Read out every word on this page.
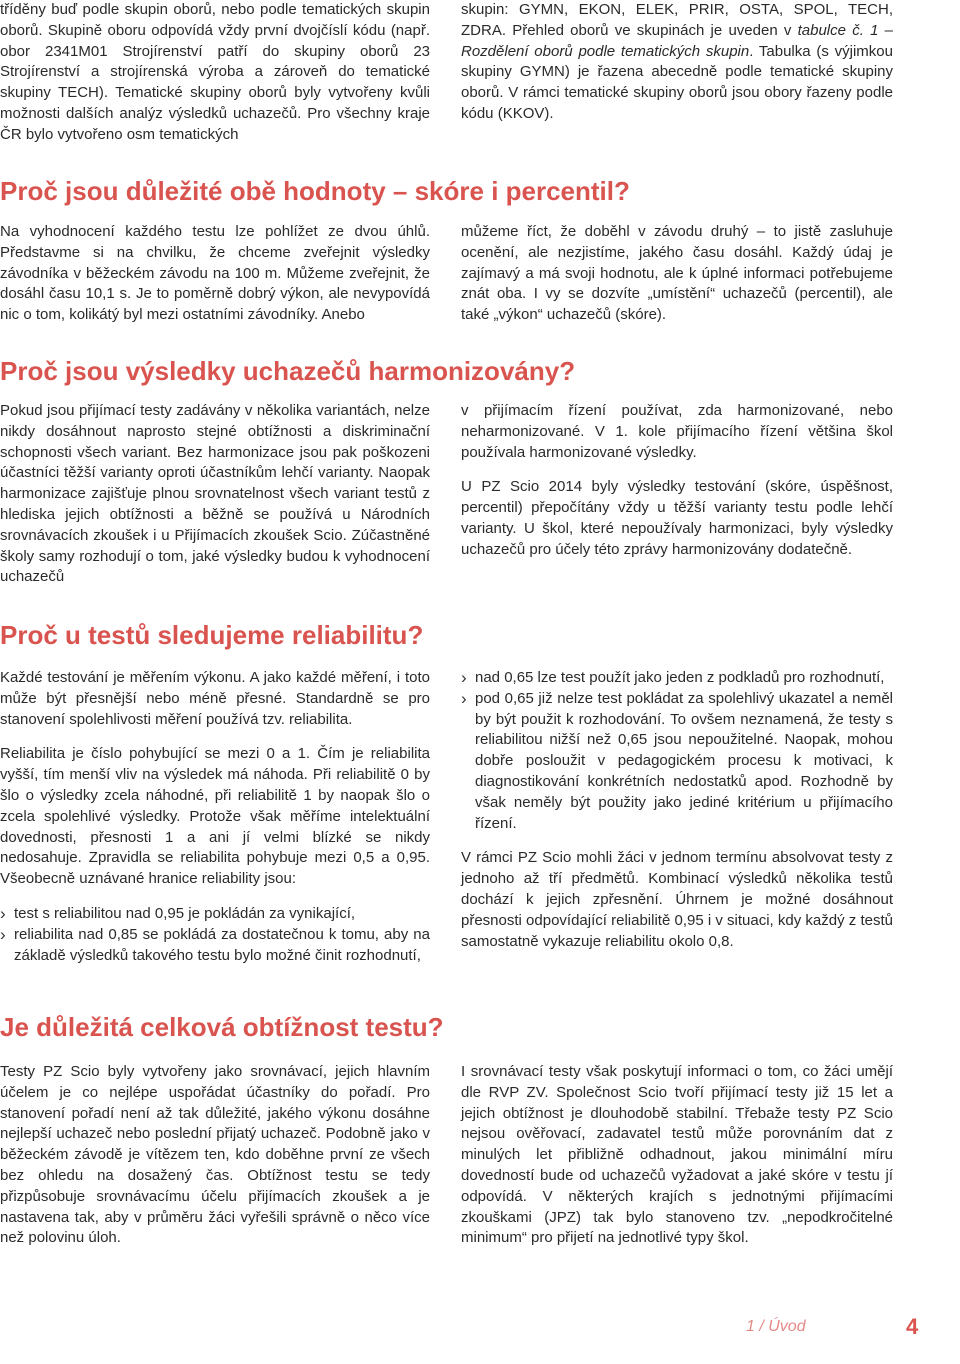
tříděny buď podle skupin oborů, nebo podle tematických skupin oborů. Skupině oboru odpovídá vždy první dvojčíslí kódu (např. obor 2341M01 Strojírenství patří do skupiny oborů 23 Strojírenství a strojírenská výroba a zároveň do tematické skupiny TECH). Tematické skupiny oborů byly vytvořeny kvůli možnosti dalších analýz výsledků uchazečů. Pro všechny kraje ČR bylo vytvořeno osm tematických

skupin: GYMN, EKON, ELEK, PRIR, OSTA, SPOL, TECH, ZDRA. Přehled oborů ve skupinách je uveden v tabulce č. 1 – Rozdělení oborů podle tematických skupin. Tabulka (s výjimkou skupiny GYMN) je řazena abecedně podle tematické skupiny oborů. V rámci tematické skupiny oborů jsou obory řazeny podle kódu (KKOV).

Proč jsou důležité obě hodnoty – skóre i percentil?

Na vyhodnocení každého testu lze pohlížet ze dvou úhlů. Představme si na chvilku, že chceme zveřejnit výsledky závodníka v běžeckém závodu na 100 m. Můžeme zveřejnit, že dosáhl času 10,1 s. Je to poměrně dobrý výkon, ale nevypovídá nic o tom, kolikátý byl mezi ostatními závodníky. Anebo

můžeme říct, že doběhl v závodu druhý – to jistě zasluhuje ocenění, ale nezjistíme, jakého času dosáhl. Každý údaj je zajímavý a má svoji hodnotu, ale k úplné informaci potřebujeme znát oba. I vy se dozvíte „umístění“ uchazečů (percentil), ale také „výkon“ uchazečů (skóre).

Proč jsou výsledky uchazečů harmonizovány?

Pokud jsou přijímací testy zadávány v několika variantách, nelze nikdy dosáhnout naprosto stejné obtížnosti a diskriminační schopnosti všech variant. Bez harmonizace jsou pak poškozeni účastníci těžší varianty oproti účastníkům lehčí varianty. Naopak harmonizace zajišťuje plnou srovnatelnost všech variant testů z hlediska jejich obtížnosti a běžně se používá u Národních srovnávacích zkoušek i u Přijímacích zkoušek Scio. Zúčastněné školy samy rozhodují o tom, jaké výsledky budou k vyhodnocení uchazečů

v přijímacím řízení používat, zda harmonizované, nebo neharmonizované. V 1. kole přijímacího řízení většina škol používala harmonizované výsledky.

U PZ Scio 2014 byly výsledky testování (skóre, úspěšnost, percentil) přepočítány vždy u těžší varianty testu podle lehčí varianty. U škol, které nepoužívaly harmonizaci, byly výsledky uchazečů pro účely této zprávy harmonizovány dodatečně.

Proč u testů sledujeme reliabilitu?

Každé testování je měřením výkonu. A jako každé měření, i toto může být přesnější nebo méně přesné. Standardně se pro stanovení spolehlivosti měření používá tzv. reliabilita.

Reliabilita je číslo pohybující se mezi 0 a 1. Čím je reliabilita vyšší, tím menší vliv na výsledek má náhoda. Při reliabilitě 0 by šlo o výsledky zcela náhodné, při reliabilitě 1 by naopak šlo o zcela spolehlivé výsledky. Protože však měříme intelektuální dovednosti, přesnosti 1 a ani jí velmi blízké se nikdy nedosahuje. Zpravidla se reliabilita pohybuje mezi 0,5 a 0,95. Všeobecně uznávané hranice reliability jsou:

› test s reliabilitou nad 0,95 je pokládán za vynikající,
› reliabilita nad 0,85 se pokládá za dostatečnou k tomu, aby na základě výsledků takového testu bylo možné činit rozhodnutí,
› nad 0,65 lze test použít jako jeden z podkladů pro rozhodnutí,
› pod 0,65 již nelze test pokládat za spolehlivý ukazatel a neměl by být použit k rozhodování. To ovšem neznamená, že testy s reliabilitou nižší než 0,65 jsou nepoužitelné. Naopak, mohou dobře posloužit v pedagogickém procesu k motivaci, k diagnostikování konkrétních nedostatků apod. Rozhodně by však neměly být použity jako jediné kritérium u přijímacího řízení.

V rámci PZ Scio mohli žáci v jednom termínu absolvovat testy z jednoho až tří předmětů. Kombinací výsledků několika testů dochází k jejich zpřesnění. Úhrnem je možné dosáhnout přesnosti odpovídající reliabilitě 0,95 i v situaci, kdy každý z testů samostatně vykazuje reliabilitu okolo 0,8.

Je důležitá celková obtížnost testu?

Testy PZ Scio byly vytvořeny jako srovnávací, jejich hlavním účelem je co nejlépe uspořádat účastníky do pořadí. Pro stanovení pořadí není až tak důležité, jakého výkonu dosáhne nejlepší uchazeč nebo poslední přijatý uchazeč. Podobně jako v běžeckém závodě je vítězem ten, kdo doběhne první ze všech bez ohledu na dosažený čas. Obtížnost testu se tedy přizpůsobuje srovnávacímu účelu přijímacích zkoušek a je nastavena tak, aby v průměru žáci vyřešili správně o něco více než polovinu úloh.

I srovnávací testy však poskytují informaci o tom, co žáci umějí dle RVP ZV. Společnost Scio tvoří přijímací testy již 15 let a jejich obtížnost je dlouhodobě stabilní. Třebaže testy PZ Scio nejsou ověřovací, zadavatel testů může porovnáním dat z minulých let přibližně odhadnout, jakou minimální míru dovedností bude od uchazečů vyžadovat a jaké skóre v testu jí odpovídá. V některých krajích s jednotnými přijímacími zkouškami (JPZ) tak bylo stanoveno tzv. „nepodkročitelné minimum“ pro přijetí na jednotlivé typy škol.

1 / Úvod	4
